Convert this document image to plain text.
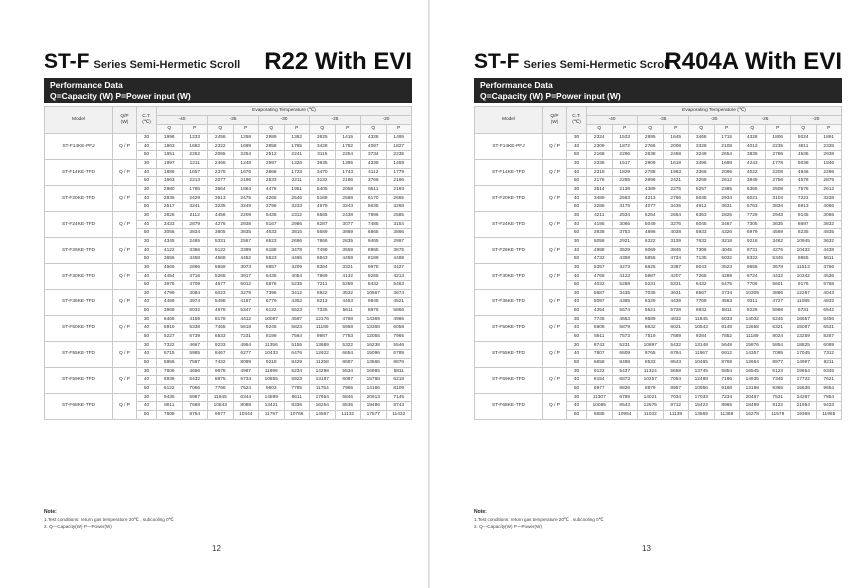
ST-F Series Semi-Hermetic Scroll R22 With EVI
Performance Data
Q=Capacity (W) P=Power input (W)
Model	Q/P
(W)	C.T.
(℃)	Evaporating Temperature (℃)									
			-40		-35		-30		-25		-20	
			Q	P	Q	P	Q	P	Q	P	Q	P
ST-F14KE-PFJ	Q / P	30	1996	1233	2458	1258	2989	1362	3625	1415	4328	1495
		40	1863	1682	2322	1699	2858	1765	3428	1782	4087	1827
		50	1651	2252	2065	2254	2512	2241	3115	2254	3734	2235
ST-F14KE-TFD	Q / P	30	1997	1211	2466	1248	2997	1326	3635	1395	4339	1459
		40	1886	1657	2378	1676	2868	1723	3470	1743	4112	1779
		50	1663	2213	2077	2196	2533	2211	3132	2186	3766	2196
ST-F20KE-TFD	Q / P	30	2980	1785	3664	1864	4478	1951	5405	2058	6511	2193
		40	2835	2429	3513	2475	4265	2546	5168	2588	6170	2665
		50	2517	3241	3235	3249	3796	3233	4679	3243	5635	3268
ST-F24KE-TFD	Q / P	30	3626	2112	4456	2209	5436	2312	6565	2438	7896	2585
		40	3433	2879	4276	2938	5167	2986	6287	3077	7485	3154
		50	3056	3834	3805	3835	4633	3815	5689	3869	6865	3866
ST-F26KE-TFD	Q / P	30	4345	2465	5331	2567	6523	2696	7866	2835	9465	2997
		40	4122	3356	5122	3399	6188	3478	7499	3559	8965	3675
		50	3656	4458	4568	4452	5523	4465	6843	4459	8189	4489
ST-F30KE-TFD	Q / P	30	4665	2896	5659	3073	6957	3209	8364	3321	9978	3427
		40	4454	3716	5265	3917	6435	4054	7869	4132	9265	4213
		50	3976	4709	4677	5012	5876	5235	7211	5269	8432	5463
ST-F36KE-TFD	Q / P	30	4799	3084	6023	3279	7396	3412	8922	3532	10567	3674
		40	4468	3974	5498	4187	6779	4352	8213	4453	9845	4521
		50	3968	5032	4978	5347	6122	5523	7325	5611	8876	5866
ST-F50KE-TFD	Q / P	30	6465	4159	8178	4412	10087	4597	12176	4768	14369	4966
		40	5919	5338	7465	5618	9245	5823	11189	5958	13368	6058
		50	5227	6739	6533	7231	8199	7564	9987	7783	12055	7965
ST-F55KE-TFD	Q / P	30	7322	4667	9233	4954	11356	5155	13689	5322	16238	5546
		40	6715	5985	8467	6277	10433	6476	12622	6654	15096	6789
		50	5956	7587	7432	8089	9218	8429	11258	8687	13566	8876
ST-F59KE-TFD	Q / P	30	7606	4656	9678	4987	11896	5234	14298	5534	16965	5811
		40	6938	5432	8875	5734	10855	5923	13187	6087	15768	6218
		50	6122	7066	7768	7524	9603	7785	11754	7965	14166	8109
ST-F68KE-TFD	Q / P	30	9435	5987	11945	6344	14599	6611	17654	6845	20913	7145
		40	8611	7688	10843	8088	13421	8336	16254	8535	19486	8743
		50	7608	9754	9577	10344	11797	10766	14567	11132	17577	11432
Note:
1.Test conditions: return gas temperature 20℃ , subcooling 0℃
2. Q—Capacity(W) P—Power(W)
12
ST-F Series Semi-Hermetic Scroll
R404A With EVI
Performance Data
Q=Capacity (W) P=Power input (W)
Model	Q/P
(W)	C.T.
(℃)	Evaporating Temperature (℃)									
			-40		-35		-30		-25		-20	
			Q	P	Q	P	Q	P	Q	P	Q	P
ST-F14KE-PFJ	Q / P	30	2324	1533	2895	1645	3468	1715	4328	1806	5024	1891
		40	2309	1872	2766	2008	3328	2108	4013	2235	4811	2335
		50	2168	2296	2638	2468	3249	2654	3835	2786	4536	2938
ST-F14KE-TFD	Q / P	30	2336	1517	2909	1618	3496	1698	4243	1778	5038	1846
		40	2318	1829	2788	1963	3356	2095	4022	2208	4846	2298
		50	2176	2255	2696	2421	3259	2612	3849	2756	4578	2879
ST-F20KE-TFD	Q / P	30	3514	2138	4389	2275	5257	2385	6365	2508	7578	2612
		40	3489	2583	4213	2766	5035	2934	6021	3103	7221	3238
		50	3286	3175	4077	3435	4912	3631	5763	3834	6813	4066
ST-F24KE-TFD	Q / P	30	4211	2534	5254	2654	6353	2826	7729	2943	9145	3065
		40	4195	3066	5049	3276	6045	3467	7305	3635	8697	3832
		50	3938	3753	4896	4038	5933	4326	6979	4569	8235	4835
ST-F26KE-TFD	Q / P	30	5056	2921	6322	3139	7632	3218	9218	3462	10945	3632
		40	4988	3529	6069	3845	7306	4045	8731	4276	10432	4438
		50	4732	4359	5855	4734	7135	5032	8322	5345	9855	5611
ST-F30KE-TFD	Q / P	30	5357	3273	6625	3387	8043	3523	9655	3678	11513	3766
		40	4765	4123	5987	4207	7265	4289	8724	4432	10342	4536
		50	4032	5288	5231	5331	6432	5475	7706	5601	9176	5768
ST-F36KE-TFD	Q / P	30	5687	3435	7035	3631	8567	3734	10309	3866	12267	4043
		40	5097	4365	6329	4439	7769	4563	9311	4727	11085	4832
		50	4354	5674	5521	5728	6832	5811	8226	5968	9731	6542
ST-F50KE-TFD	Q / P	30	7745	4653	9589	4832	11645	5033	14032	5245	16657	5456
		40	6908	5879	8632	6021	10543	6148	12658	6321	15087	6531
		50	5911	7573	7519	7689	9284	7852	11189	8024	13259	8257
ST-F55KE-TFD	Q / P	30	8743	5231	10897	5432	13148	5648	15876	5854	18825	6089
		40	7807	6609	9765	6784	11967	6912	14357	7095	17045	7312
		50	6658	8488	8533	8643	10465	8769	12654	8977	14997	9211
ST-F59KE-TFD	Q / P	30	9122	5437	11324	5658	13745	5854	16545	6123	19654	6345
		40	8154	6873	10257	7054	12488	7196	14935	7345	17732	7621
		50	6977	8826	8879	8957	10956	9168	13188	9365	15638	9654
ST-F68KE-TFD	Q / P	30	11307	6789	14021	7034	17033	7234	20467	7531	24287	7854
		40	10085	8543	12675	8712	15423	8965	18489	9122	21954	9433
		50	8685	10954	11032	11139	13569	11368	16278	11579	19369	11965
Note:
1.Test conditions: return gas temperature 20℃ , subcooling 0℃
2. Q—Capacity(W) P—Power(W)
13
